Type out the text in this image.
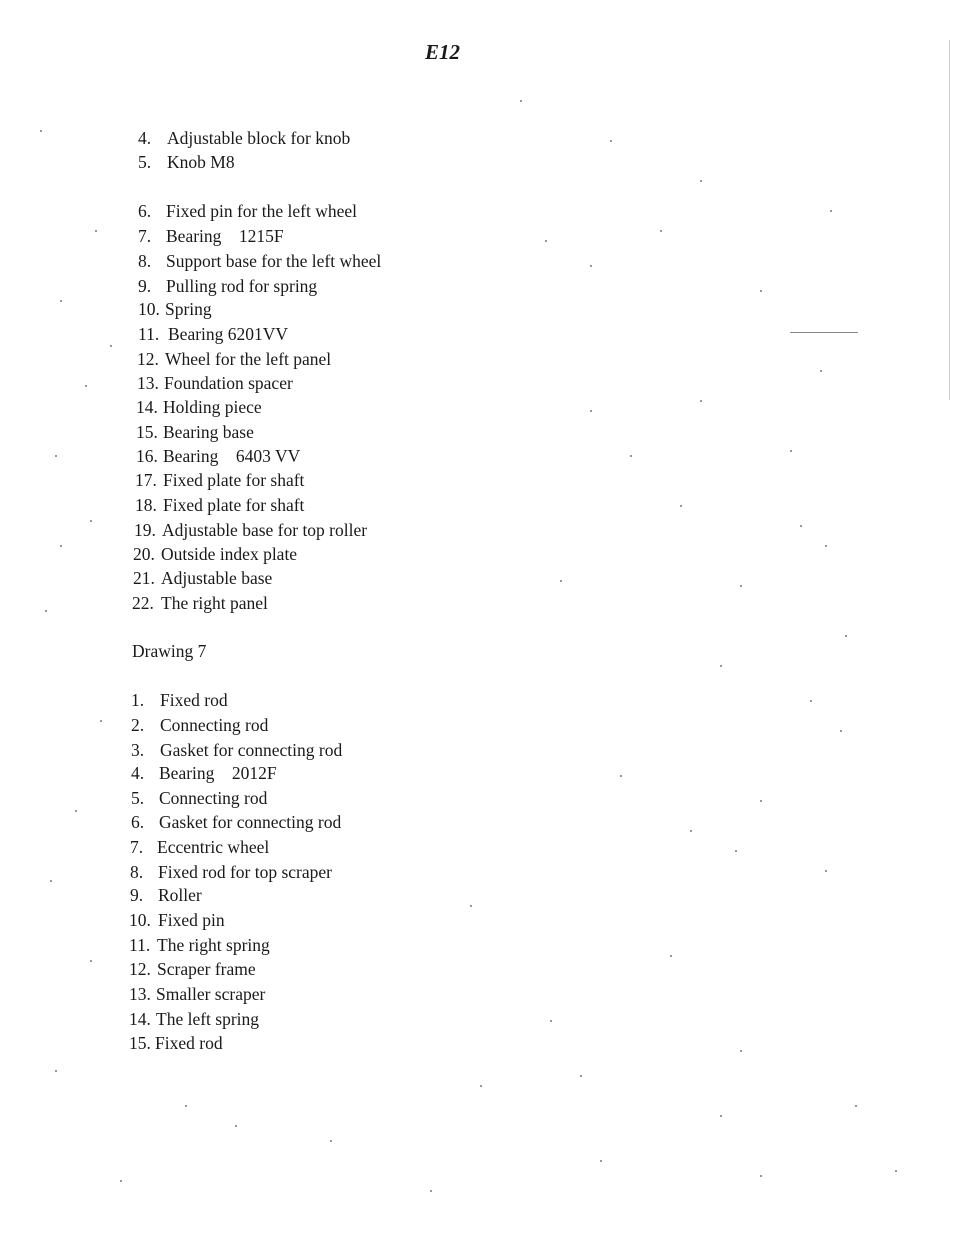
E12
4. Adjustable block for knob
5. Knob M8
6. Fixed pin for the left wheel
7. Bearing    1215F
8. Support base for the left wheel
9. Pulling rod for spring
10. Spring
11. Bearing 6201VV
12. Wheel for the left panel
13. Foundation spacer
14. Holding piece
15. Bearing base
16. Bearing    6403 VV
17. Fixed plate for shaft
18. Fixed plate for shaft
19. Adjustable base for top roller
20. Outside index plate
21. Adjustable base
22. The right panel
Drawing 7
1. Fixed rod
2. Connecting rod
3. Gasket for connecting rod
4. Bearing    2012F
5. Connecting rod
6. Gasket for connecting rod
7. Eccentric wheel
8. Fixed rod for top scraper
9. Roller
10. Fixed pin
11. The right spring
12. Scraper frame
13. Smaller scraper
14. The left spring
15. Fixed rod
